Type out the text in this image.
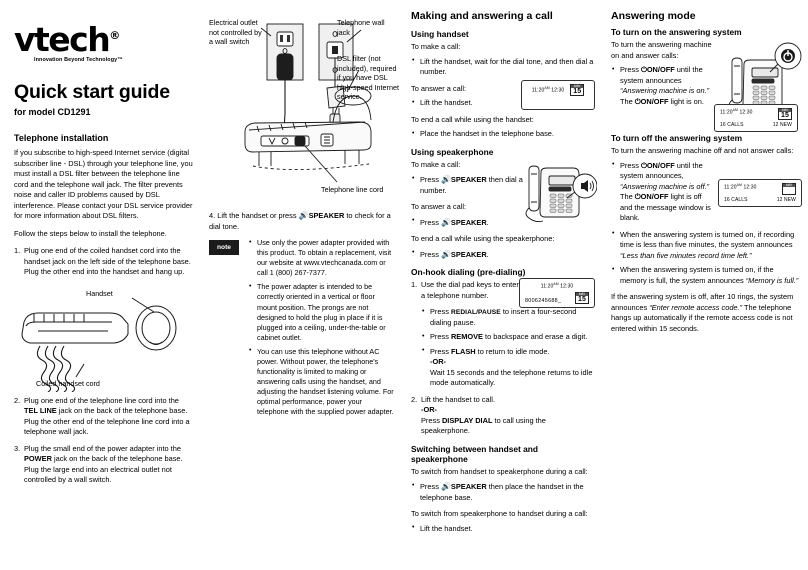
vtech®
Innovation Beyond Technology™
Quick start guide
for model CD1291
Telephone installation

If you subscribe to high-speed Internet service (digital subscriber line - DSL) through your telephone line, you must install a DSL filter between the telephone line cord and the telephone wall jack. The filter prevents noise and caller ID problems caused by DSL interference. Please contact your DSL service provider for more information about DSL filters.

Follow the steps below to install the telephone.

1. Plug one end of the coiled handset cord into the handset jack on the left side of the telephone base. Plug the other end into the handset and hang up.
Handset
Coiled handset cord
2. Plug one end of the telephone line cord into the TEL LINE jack on the back of the telephone base. Plug the other end of the telephone line cord into a telephone wall jack.
3. Plug the small end of the power adapter into the POWER jack on the back of the telephone base. Plug the large end into an electrical outlet not controlled by a wall switch.
Electrical outlet not controlled by a wall switch
Telephone wall jack
DSL filter (not included), required if you have DSL high-speed Internet service.
Telephone line cord

4. Lift the handset or press 🔊SPEAKER to check for a dial tone.

note
• Use only the power adapter provided with this product. To obtain a replacement, visit our website at www.vtechcanada.com or call 1 (800) 267-7377.
• The power adapter is intended to be correctly oriented in a vertical or floor mount position. The prongs are not designed to hold the plug in place if it is plugged into a ceiling, under-the-table or cabinet outlet.
• You can use this telephone without AC power. Without power, the telephone's functionality is limited to making or answering calls using the handset, and adjusting the handset listening volume. For optimal performance, power your telephone with the supplied power adapter.
Making and answering a call
Using handset

To make a call:

• Lift the handset, wait for the dial tone, and then dial a number.

To answer a call:

• Lift the handset.
$11:20^{AM}$ 12:30
MAY
15

To end a call while using the handset:

• Place the handset in the telephone base.
Using speakerphone

To make a call:

• Press 🔊SPEAKER then dial a number.

To answer a call:

• Press 🔊SPEAKER.

To end a call while using the speakerphone:

• Press 🔊SPEAKER.
On-hook dialing (pre-dialing)
1. Use the dial pad keys to enter a telephone number.
$11:20^{AM}$ 12:30
8006245688_
MAY
15
• Press REDIAL/PAUSE to insert a four-second dialing pause.
• Press REMOVE to backspace and erase a digit.
• Press FLASH to return to idle mode.
-OR-
Wait 15 seconds and the telephone returns to idle mode automatically.
2. Lift the handset to call.
-OR-
Press DISPLAY DIAL to call using the speakerphone.
Switching between handset and speakerphone

To switch from handset to speakerphone during a call:

• Press 🔊SPEAKER then place the handset in the telephone base.

To switch from speakerphone to handset during a call:

• Lift the handset.
Answering mode
To turn on the answering system

To turn the answering machine on and answer calls:

• Press ⏻ON/OFF until the system announces “Answering machine is on.” The ⏻ON/OFF light is on.
$11:20^{AM}$ 12:30	MAY
15
16 CALLS	12 NEW
To turn off the answering system

To turn the answering machine off and not answer calls:

• Press ⏻ON/OFF until the system announces, “Answering machine is off.” The ⏻ON/OFF light is off and the message window is blank.
$11:20^{AM}$ 12:30	MAY

16 CALLS	12 NEW
• When the answering system is turned on, if recording time is less than five minutes, the system announces “Less than five minutes record time left.”
• When the answering system is turned on, if the memory is full, the system announces “Memory is full.”

If the answering system is off, after 10 rings, the system announces “Enter remote access code.” The telephone hangs up automatically if the remote access code is not entered within 15 seconds.
